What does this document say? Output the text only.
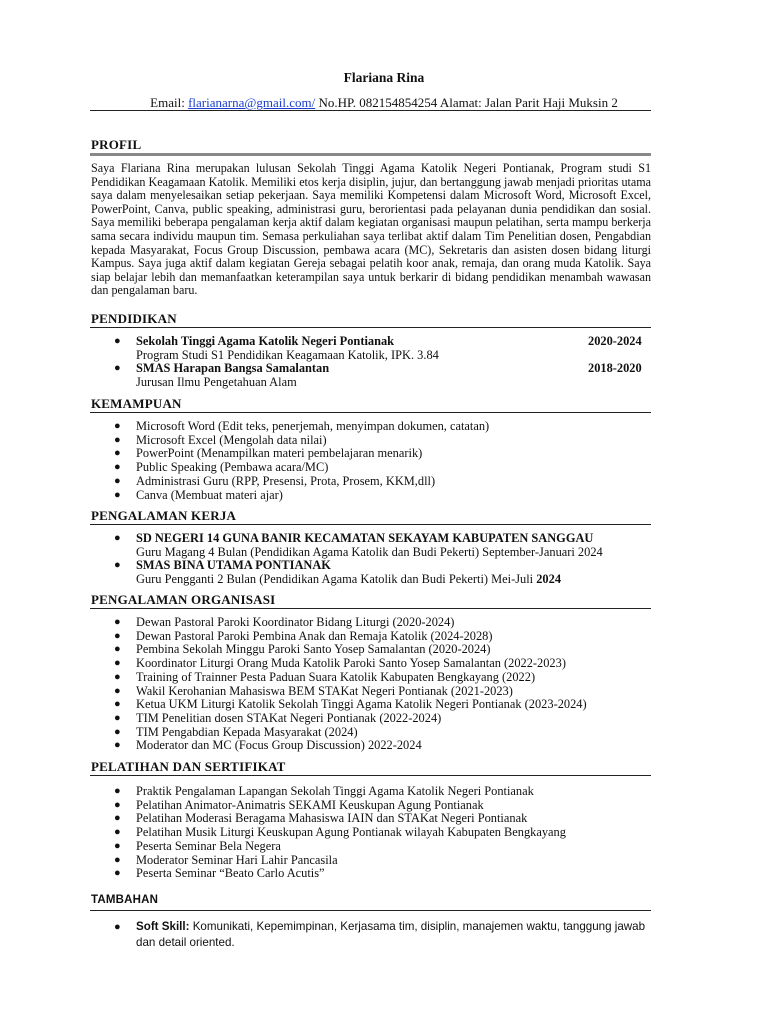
Flariana Rina
Email: flarianarna@gmail.com/ No.HP. 082154854254 Alamat: Jalan Parit Haji Muksin 2
PROFIL
Saya Flariana Rina merupakan lulusan Sekolah Tinggi Agama Katolik Negeri Pontianak, Program studi S1 Pendidikan Keagamaan Katolik. Memiliki etos kerja disiplin, jujur, dan bertanggung jawab menjadi prioritas utama saya dalam menyelesaikan setiap pekerjaan. Saya memiliki Kompetensi dalam Microsoft Word, Microsoft Excel, PowerPoint, Canva, public speaking, administrasi guru, berorientasi pada pelayanan dunia pendidikan dan sosial. Saya memiliki beberapa pengalaman kerja aktif dalam kegiatan organisasi maupun pelatihan, serta mampu berkerja sama secara individu maupun tim. Semasa perkuliahan saya terlibat aktif dalam Tim Penelitian dosen, Pengabdian kepada Masyarakat, Focus Group Discussion, pembawa acara (MC), Sekretaris dan asisten dosen bidang liturgi Kampus. Saya juga aktif dalam kegiatan Gereja sebagai pelatih koor anak, remaja, dan orang muda Katolik. Saya siap belajar lebih dan memanfaatkan keterampilan saya untuk berkarir di bidang pendidikan menambah wawasan dan pengalaman baru.
PENDIDIKAN
● Sekolah Tinggi Agama Katolik Negeri Pontianak	2020-2024
Program Studi S1 Pendidikan Keagamaan Katolik, IPK. 3.84
● SMAS Harapan Bangsa Samalantan	2018-2020
Jurusan Ilmu Pengetahuan Alam
KEMAMPUAN
● Microsoft Word (Edit teks, penerjemah, menyimpan dokumen, catatan)
● Microsoft Excel (Mengolah data nilai)
● PowerPoint (Menampilkan materi pembelajaran menarik)
● Public Speaking (Pembawa acara/MC)
● Administrasi Guru (RPP, Presensi, Prota, Prosem, KKM,dll)
● Canva (Membuat materi ajar)
PENGALAMAN KERJA
● SD NEGERI 14 GUNA BANIR KECAMATAN SEKAYAM KABUPATEN SANGGAU
Guru Magang 4 Bulan (Pendidikan Agama Katolik dan Budi Pekerti) September-Januari 2024
● SMAS BINA UTAMA PONTIANAK
Guru Pengganti 2 Bulan (Pendidikan Agama Katolik dan Budi Pekerti) Mei-Juli 2024
PENGALAMAN ORGANISASI
● Dewan Pastoral Paroki Koordinator Bidang Liturgi (2020-2024)
● Dewan Pastoral Paroki Pembina Anak dan Remaja Katolik (2024-2028)
● Pembina Sekolah Minggu Paroki Santo Yosep Samalantan (2020-2024)
● Koordinator Liturgi Orang Muda Katolik Paroki Santo Yosep Samalantan (2022-2023)
● Training of Trainner Pesta Paduan Suara Katolik Kabupaten Bengkayang (2022)
● Wakil Kerohanian Mahasiswa BEM STAKat Negeri Pontianak (2021-2023)
● Ketua UKM Liturgi Katolik Sekolah Tinggi Agama Katolik Negeri Pontianak (2023-2024)
● TIM Penelitian dosen STAKat Negeri Pontianak (2022-2024)
● TIM Pengabdian Kepada Masyarakat (2024)
● Moderator dan MC (Focus Group Discussion) 2022-2024
PELATIHAN DAN SERTIFIKAT
● Praktik Pengalaman Lapangan Sekolah Tinggi Agama Katolik Negeri Pontianak
● Pelatihan Animator-Animatris SEKAMI Keuskupan Agung Pontianak
● Pelatihan Moderasi Beragama Mahasiswa IAIN dan STAKat Negeri Pontianak
● Pelatihan Musik Liturgi Keuskupan Agung Pontianak wilayah Kabupaten Bengkayang
● Peserta Seminar Bela Negera
● Moderator Seminar Hari Lahir Pancasila
● Peserta Seminar “Beato Carlo Acutis”
TAMBAHAN
● Soft Skill: Komunikati, Kepemimpinan, Kerjasama tim, disiplin, manajemen waktu, tanggung jawab dan detail oriented.
